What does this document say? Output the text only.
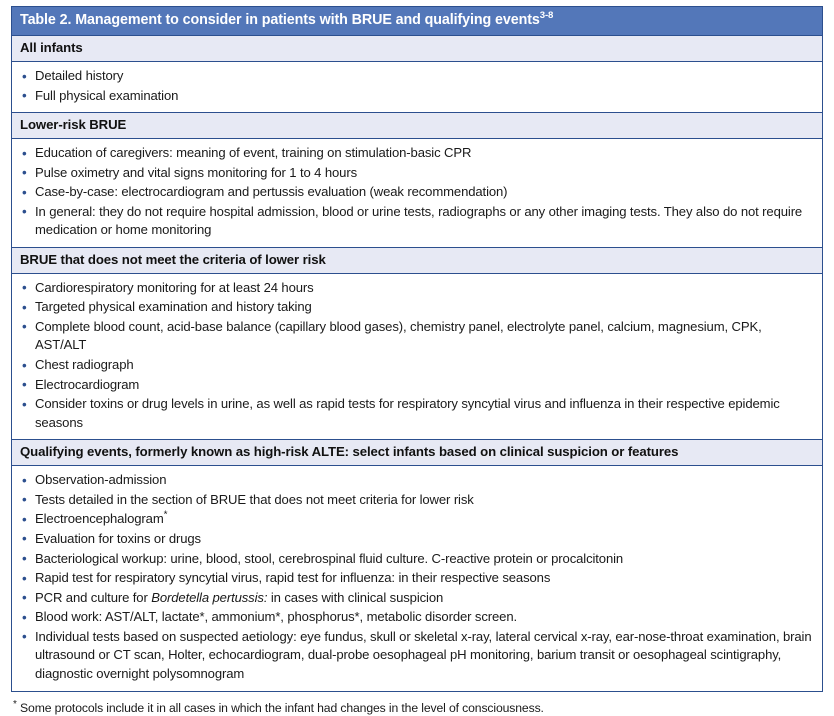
Table 2. Management to consider in patients with BRUE and qualifying events$^{3-8}$
All infants
• Detailed history
• Full physical examination
Lower-risk BRUE
• Education of caregivers: meaning of event, training on stimulation-basic CPR
• Pulse oximetry and vital signs monitoring for 1 to 4 hours
• Case-by-case: electrocardiogram and pertussis evaluation (weak recommendation)
• In general: they do not require hospital admission, blood or urine tests, radiographs or any other imaging tests. They also do not require medication or home monitoring
BRUE that does not meet the criteria of lower risk
• Cardiorespiratory monitoring for at least 24 hours
• Targeted physical examination and history taking
• Complete blood count, acid-base balance (capillary blood gases), chemistry panel, electrolyte panel, calcium, magnesium, CPK, AST/ALT
• Chest radiograph
• Electrocardiogram
• Consider toxins or drug levels in urine, as well as rapid tests for respiratory syncytial virus and influenza in their respective epidemic seasons
Qualifying events, formerly known as high-risk ALTE: select infants based on clinical suspicion or features
• Observation-admission
• Tests detailed in the section of BRUE that does not meet criteria for lower risk
• Electroencephalogram*
• Evaluation for toxins or drugs
• Bacteriological workup: urine, blood, stool, cerebrospinal fluid culture. C-reactive protein or procalcitonin
• Rapid test for respiratory syncytial virus, rapid test for influenza: in their respective seasons
• PCR and culture for Bordetella pertussis: in cases with clinical suspicion
• Blood work: AST/ALT, lactate*, ammonium*, phosphorus*, metabolic disorder screen.
• Individual tests based on suspected aetiology: eye fundus, skull or skeletal x-ray, lateral cervical x-ray, ear-nose-throat examination, brain ultrasound or CT scan, Holter, echocardiogram, dual-probe oesophageal pH monitoring, barium transit or oesophageal scintigraphy, diagnostic overnight polysomnogram
* Some protocols include it in all cases in which the infant had changes in the level of consciousness.
